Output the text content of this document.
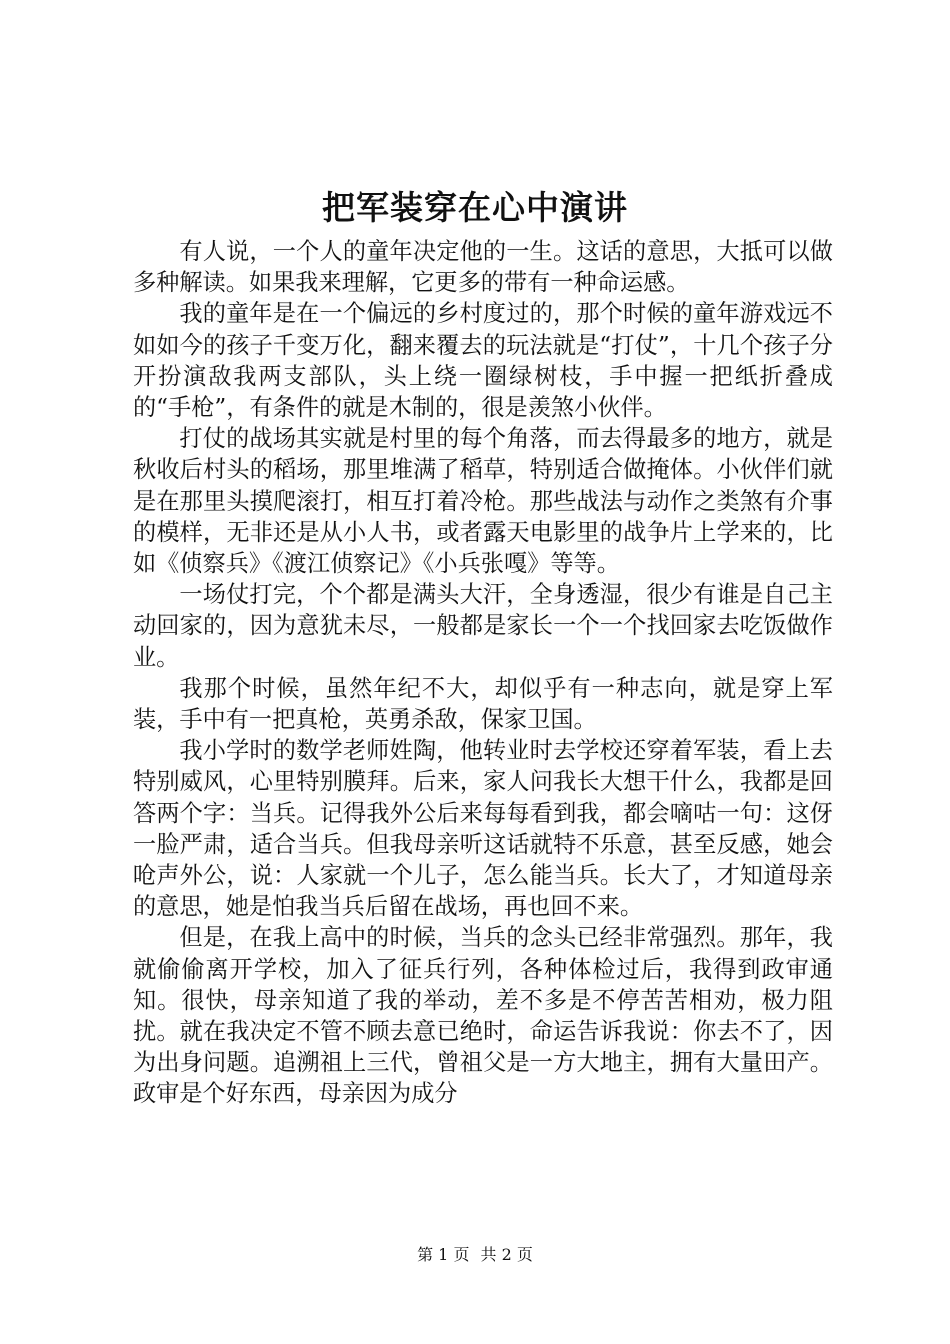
把军装穿在心中演讲

有人说，一个人的童年决定他的一生。这话的意思，大抵可以做多种解读。如果我来理解，它更多的带有一种命运感。

我的童年是在一个偏远的乡村度过的，那个时候的童年游戏远不如如今的孩子千变万化，翻来覆去的玩法就是“打仗”，十几个孩子分开扮演敌我两支部队，头上绕一圈绿树枝，手中握一把纸折叠成的“手枪”，有条件的就是木制的，很是羡煞小伙伴。

打仗的战场其实就是村里的每个角落，而去得最多的地方，就是秋收后村头的稻场，那里堆满了稻草，特别适合做掩体。小伙伴们就是在那里头摸爬滚打，相互打着冷枪。那些战法与动作之类煞有介事的模样，无非还是从小人书，或者露天电影里的战争片上学来的，比如《侦察兵》《渡江侦察记》《小兵张嘎》等等。

一场仗打完，个个都是满头大汗，全身透湿，很少有谁是自己主动回家的，因为意犹未尽，一般都是家长一个一个找回家去吃饭做作业。

我那个时候，虽然年纪不大，却似乎有一种志向，就是穿上军装，手中有一把真枪，英勇杀敌，保家卫国。

我小学时的数学老师姓陶，他转业时去学校还穿着军装，看上去特别威风，心里特别膜拜。后来，家人问我长大想干什么，我都是回答两个字：当兵。记得我外公后来每每看到我，都会嘀咕一句：这伢一脸严肃，适合当兵。但我母亲听这话就特不乐意，甚至反感，她会呛声外公，说：人家就一个儿子，怎么能当兵。长大了，才知道母亲的意思，她是怕我当兵后留在战场，再也回不来。

但是，在我上高中的时候，当兵的念头已经非常强烈。那年，我就偷偷离开学校，加入了征兵行列，各种体检过后，我得到政审通知。很快，母亲知道了我的举动，差不多是不停苦苦相劝，极力阻扰。就在我决定不管不顾去意已绝时，命运告诉我说：你去不了，因为出身问题。追溯祖上三代，曾祖父是一方大地主，拥有大量田产。政审是个好东西，母亲因为成分

第 1 页 共 2 页
